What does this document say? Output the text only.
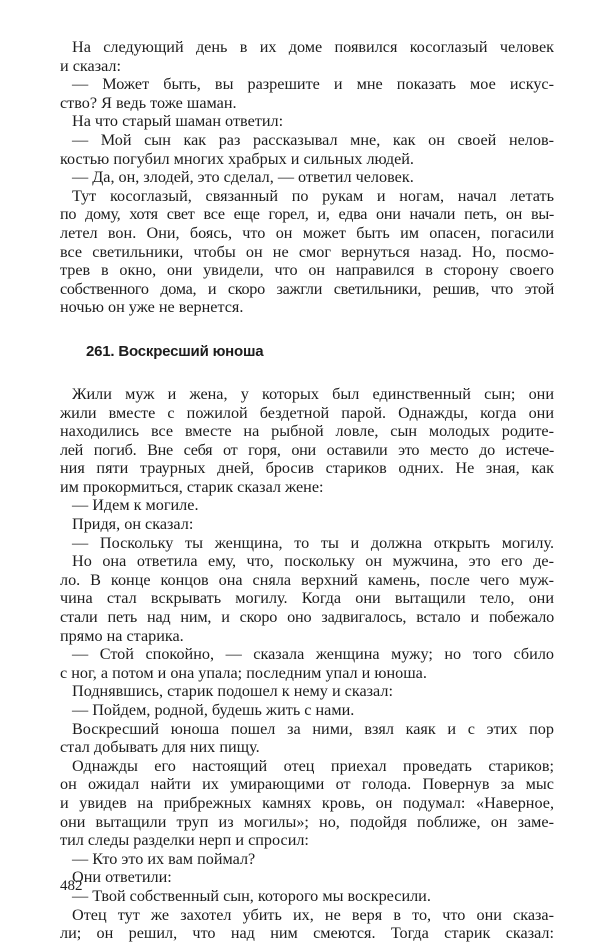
На следующий день в их доме появился косоглазый человек
и сказал:
— Может быть, вы разрешите и мне показать мое искус-
ство? Я ведь тоже шаман.
На что старый шаман ответил:
— Мой сын как раз рассказывал мне, как он своей нелов-
костью погубил многих храбрых и сильных людей.
— Да, он, злодей, это сделал, — ответил человек.
Тут косоглазый, связанный по рукам и ногам, начал летать
по дому, хотя свет все еще горел, и, едва они начали петь, он вы-
летел вон. Они, боясь, что он может быть им опасен, погасили
все светильники, чтобы он не смог вернуться назад. Но, посмо-
трев в окно, они увидели, что он направился в сторону своего
собственного дома, и скоро зажгли светильники, решив, что этой
ночью он уже не вернется.
261. Воскресший юноша
Жили муж и жена, у которых был единственный сын; они
жили вместе с пожилой бездетной парой. Однажды, когда они
находились все вместе на рыбной ловле, сын молодых родите-
лей погиб. Вне себя от горя, они оставили это место до истече-
ния пяти траурных дней, бросив стариков одних. Не зная, как
им прокормиться, старик сказал жене:
— Идем к могиле.
Придя, он сказал:
— Поскольку ты женщина, то ты и должна открыть могилу.
Но она ответила ему, что, поскольку он мужчина, это его де-
ло. В конце концов она сняла верхний камень, после чего муж-
чина стал вскрывать могилу. Когда они вытащили тело, они
стали петь над ним, и скоро оно задвигалось, встало и побежало
прямо на старика.
— Стой спокойно, — сказала женщина мужу; но того сбило
с ног, а потом и она упала; последним упал и юноша.
Поднявшись, старик подошел к нему и сказал:
— Пойдем, родной, будешь жить с нами.
Воскресший юноша пошел за ними, взял каяк и с этих пор
стал добывать для них пищу.
Однажды его настоящий отец приехал проведать стариков;
он ожидал найти их умирающими от голода. Повернув за мыс
и увидев на прибрежных камнях кровь, он подумал: «Наверное,
они вытащили труп из могилы»; но, подойдя поближе, он заме-
тил следы разделки нерп и спросил:
— Кто это их вам поймал?
Они ответили:
— Твой собственный сын, которого мы воскресили.
Отец тут же захотел убить их, не веря в то, что они сказа-
ли; он решил, что над ним смеются. Тогда старик сказал:
482
